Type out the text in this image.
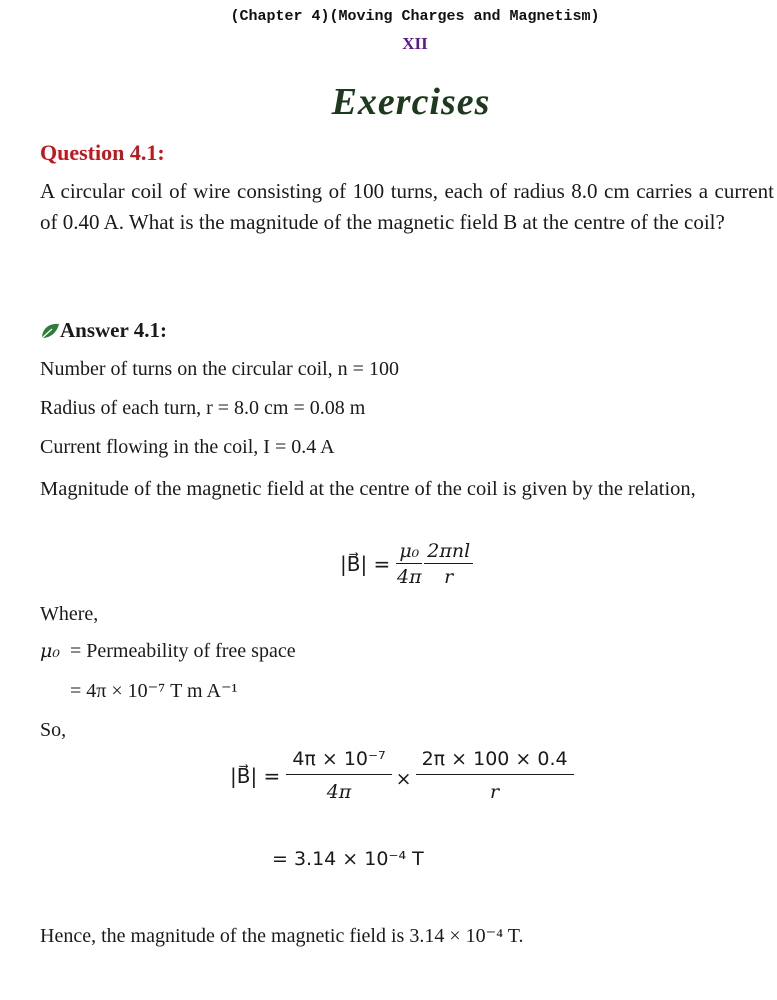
(Chapter 4)(Moving Charges and Magnetism)
XII
Exercises
Question 4.1:
A circular coil of wire consisting of 100 turns, each of radius 8.0 cm carries a current of 0.40 A. What is the magnitude of the magnetic field B at the centre of the coil?
Answer 4.1:
Number of turns on the circular coil, n = 100
Radius of each turn, r = 8.0 cm = 0.08 m
Current flowing in the coil, I = 0.4 A
Magnitude of the magnetic field at the centre of the coil is given by the relation,
|B⃗| = $\frac{\text{μ₀}}{4\pi} \frac{\text{2πnl}}{r}$
Where,
μ₀ = Permeability of free space
= 4π × 10⁻⁷ T m A⁻¹
So,
|B⃗| = $\frac{\text{4π × 10⁻⁷}}{4\pi} \times \frac{2\pi \times 100 \times 0.4}{r}$
= 3.14 × 10⁻⁴ T
Hence, the magnitude of the magnetic field is 3.14 × 10⁻⁴ T.
